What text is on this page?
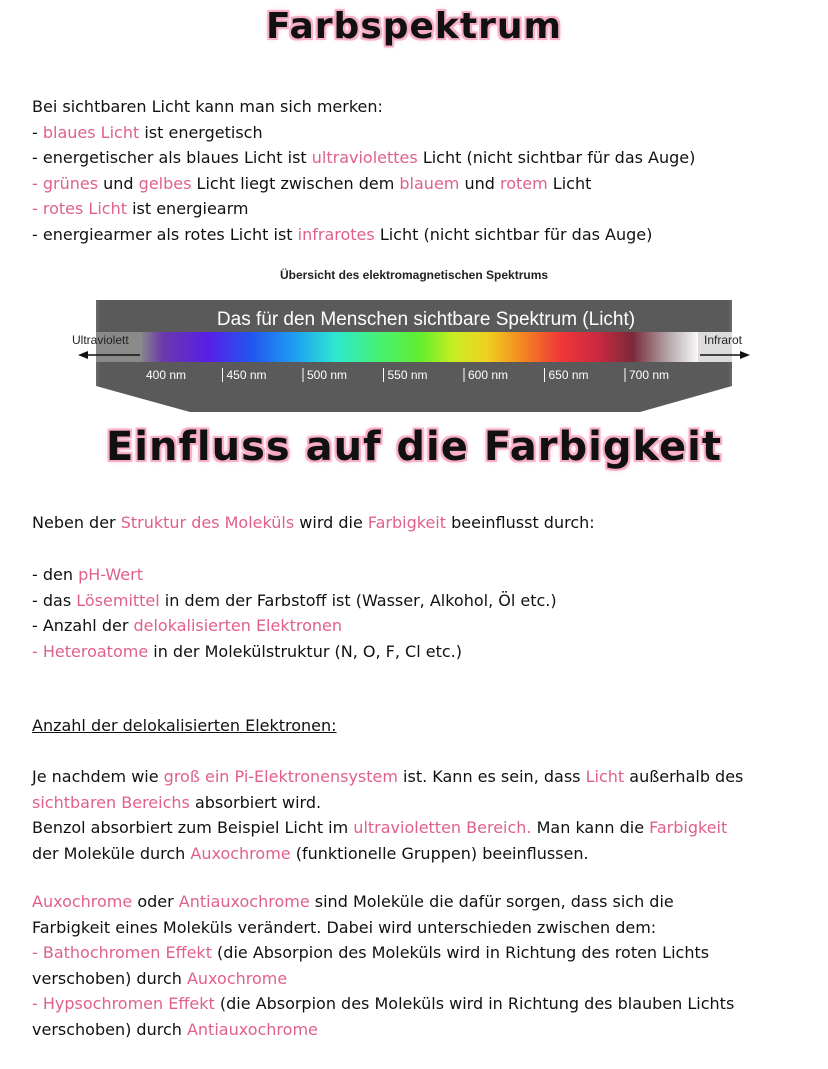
Farbspektrum
Bei sichtbaren Licht kann man sich merken:
- blaues Licht ist energetisch
- energetischer als blaues Licht ist ultraviolettes Licht (nicht sichtbar für das Auge)
- grünes und gelbes Licht liegt zwischen dem blauem und rotem Licht
- rotes Licht ist energiearm
- energiearmer als rotes Licht ist infrarotes Licht (nicht sichtbar für das Auge)
Übersicht des elektromagnetischen Spektrums
Das für den Menschen sichtbare Spektrum (Licht)
Ultraviolett	Infrarot
400 nm	450 nm	500 nm	550 nm	600 nm	650 nm	700 nm
Einfluss auf die Farbigkeit
Neben der Struktur des Moleküls wird die Farbigkeit beeinflusst durch:
- den pH-Wert
- das Lösemittel in dem der Farbstoff ist (Wasser, Alkohol, Öl etc.)
- Anzahl der delokalisierten Elektronen
- Heteroatome in der Molekülstruktur (N, O, F, Cl etc.)
Anzahl der delokalisierten Elektronen:
Je nachdem wie groß ein Pi-Elektronensystem ist. Kann es sein, dass Licht außerhalb des
sichtbaren Bereichs absorbiert wird.
Benzol absorbiert zum Beispiel Licht im ultravioletten Bereich. Man kann die Farbigkeit
der Moleküle durch Auxochrome (funktionelle Gruppen) beeinflussen.
Auxochrome oder Antiauxochrome sind Moleküle die dafür sorgen, dass sich die
Farbigkeit eines Moleküls verändert. Dabei wird unterschieden zwischen dem:
- Bathochromen Effekt (die Absorpion des Moleküls wird in Richtung des roten Lichts
verschoben) durch Auxochrome
- Hypsochromen Effekt (die Absorpion des Moleküls wird in Richtung des blauben Lichts
verschoben) durch Antiauxochrome
